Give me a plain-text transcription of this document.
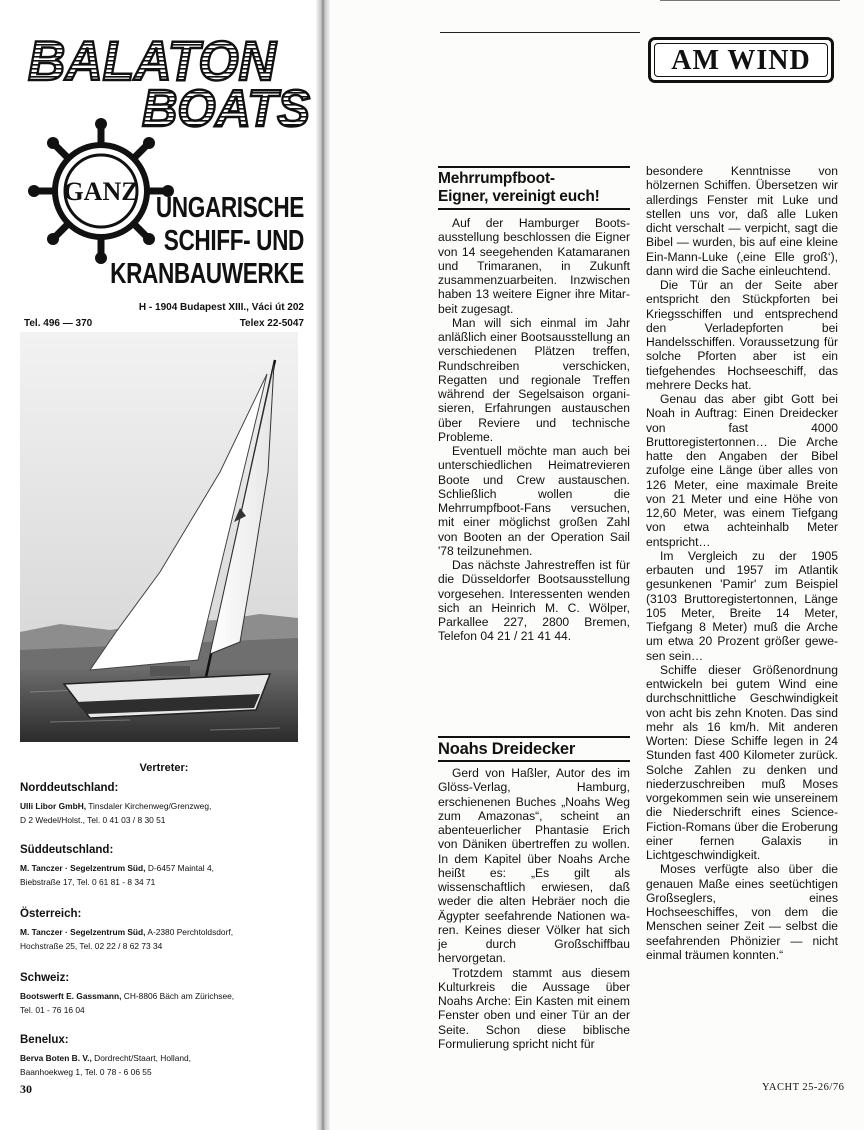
BALATON
BOATS
GANZ
UNGARISCHE
SCHIFF- UND
KRANBAUWERKE
H - 1904 Budapest XIII., Váci út 202
Tel. 496 — 370	Telex 22-5047
Vertreter:
Norddeutschland:
Ulli Libor GmbH, Tinsdaler Kirchenweg/Grenzweg,
D 2 Wedel/Holst., Tel. 0 41 03 / 8 30 51
Süddeutschland:
M. Tanczer · Segelzentrum Süd, D-6457 Maintal 4,
Biebstraße 17, Tel. 0 61 81 - 8 34 71
Österreich:
M. Tanczer · Segelzentrum Süd, A-2380 Perchtoldsdorf,
Hochstraße 25, Tel. 02 22 / 8 62 73 34
Schweiz:
Bootswerft E. Gassmann, CH-8806 Bäch am Zürichsee,
Tel. 01 - 76 16 04
Benelux:
Berva Boten B. V., Dordrecht/Staart, Holland,
Baanhoekweg 1, Tel. 0 78 - 6 06 55
30
AM WIND
Mehrrumpfboot-
Eigner, vereinigt euch!

Auf der Hamburger Bootsausstellung beschlossen die Eigner von 14 seegehenden Katamaranen und Trimaranen, in Zukunft zusammenzuarbeiten. Inzwischen haben 13 weitere Eigner ihre Mitarbeit zugesagt.

Man will sich einmal im Jahr anläßlich einer Bootsausstellung an verschiedenen Plätzen treffen, Rundschreiben verschicken, Regatten und regionale Treffen während der Segelsaison organisieren, Erfahrungen austauschen über Reviere und technische Probleme.

Eventuell möchte man auch bei unterschiedlichen Heimatrevieren Boote und Crew austauschen. Schließlich wollen die Mehrrumpfboot-Fans versuchen, mit einer möglichst großen Zahl von Booten an der Operation Sail '78 teilzunehmen.

Das nächste Jahrestreffen ist für die Düsseldorfer Bootsausstellung vorgesehen. Interessenten wenden sich an Heinrich M. C. Wölper, Parkallee 227, 2800 Bremen, Telefon 04 21 / 21 41 44.

Noahs Dreidecker

Gerd von Haßler, Autor des im Glöss-Verlag, Hamburg, erschienenen Buches „Noahs Weg zum Amazonas“, scheint an abenteuerlicher Phantasie Erich von Däniken übertreffen zu wollen. In dem Kapitel über Noahs Arche heißt es: „Es gilt als wissenschaftlich erwiesen, daß weder die alten Hebräer noch die Ägypter seefahrende Nationen waren. Keines dieser Völker hat sich je durch Großschiffbau hervorgetan.

Trotzdem stammt aus diesem Kulturkreis die Aussage über Noahs Arche: Ein Kasten mit einem Fenster oben und einer Tür an der Seite. Schon diese biblische Formulierung spricht nicht für

besondere Kenntnisse von hölzernen Schiffen. Übersetzen wir allerdings Fenster mit Luke und stellen uns vor, daß alle Luken dicht verschalt — verpicht, sagt die Bibel — wurden, bis auf eine kleine Ein-Mann-Luke (‚eine Elle groß‘), dann wird die Sache einleuchtend.

Die Tür an der Seite aber entspricht den Stückpforten bei Kriegsschiffen und entsprechend den Verladepforten bei Handelsschiffen. Voraussetzung für solche Pforten aber ist ein tiefgehendes Hochseeschiff, das mehrere Decks hat.

Genau das aber gibt Gott bei Noah in Auftrag: Einen Dreidecker von fast 4000 Bruttoregistertonnen… Die Arche hatte den Angaben der Bibel zufolge eine Länge über alles von 126 Meter, eine maximale Breite von 21 Meter und eine Höhe von 12,60 Meter, was einem Tiefgang von etwa achteinhalb Meter entspricht…

Im Vergleich zu der 1905 erbauten und 1957 im Atlantik gesunkenen 'Pamir' zum Beispiel (3103 Bruttoregistertonnen, Länge 105 Meter, Breite 14 Meter, Tiefgang 8 Meter) muß die Arche um etwa 20 Prozent größer gewesen sein…

Schiffe dieser Größenordnung entwickeln bei gutem Wind eine durchschnittliche Geschwindigkeit von acht bis zehn Knoten. Das sind mehr als 16 km/h. Mit anderen Worten: Diese Schiffe legen in 24 Stunden fast 400 Kilometer zurück. Solche Zahlen zu denken und niederzuschreiben muß Moses vorgekommen sein wie unsereinem die Niederschrift eines Science-Fiction-Romans über die Eroberung einer fernen Galaxis in Lichtgeschwindigkeit.

Moses verfügte also über die genauen Maße eines seetüchtigen Großseglers, eines Hochseeschiffes, von dem die Menschen seiner Zeit — selbst die seefahrenden Phönizier — nicht einmal träumen konnten.“

YACHT 25-26/76
